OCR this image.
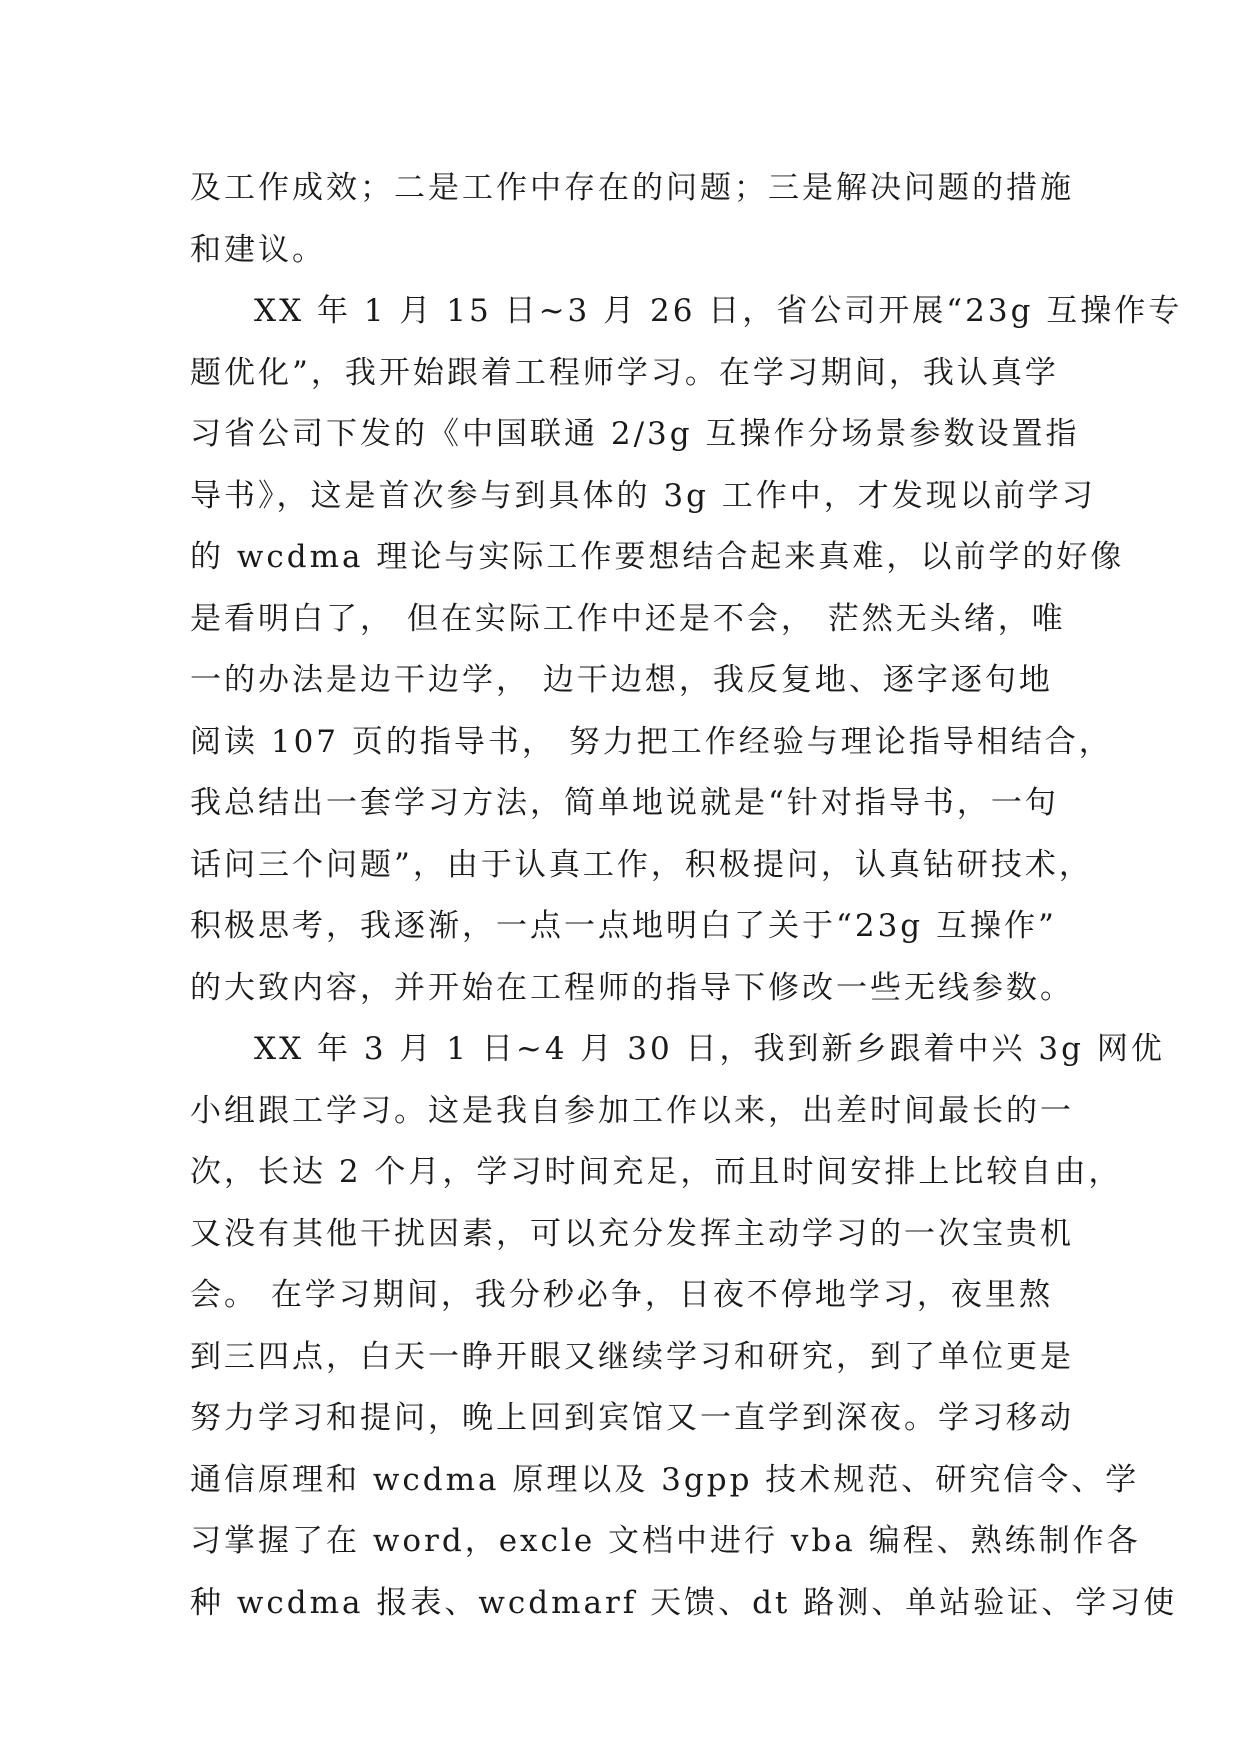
及工作成效；二是工作中存在的问题；三是解决问题的措施
和建议。
XX 年 1 月 15 日~3 月 26 日，省公司开展“23g 互操作专
题优化”，我开始跟着工程师学习。在学习期间，我认真学
习省公司下发的《中国联通 2/3g 互操作分场景参数设置指
导书》，这是首次参与到具体的 3g 工作中，才发现以前学习
的 wcdma 理论与实际工作要想结合起来真难，以前学的好像
是看明白了， 但在实际工作中还是不会， 茫然无头绪，唯
一的办法是边干边学， 边干边想，我反复地、逐字逐句地
阅读 107 页的指导书， 努力把工作经验与理论指导相结合，
我总结出一套学习方法，简单地说就是“针对指导书，一句
话问三个问题”，由于认真工作，积极提问，认真钻研技术，
积极思考，我逐渐，一点一点地明白了关于“23g 互操作”
的大致内容，并开始在工程师的指导下修改一些无线参数。
XX 年 3 月 1 日~4 月 30 日，我到新乡跟着中兴 3g 网优
小组跟工学习。这是我自参加工作以来，出差时间最长的一
次，长达 2 个月，学习时间充足，而且时间安排上比较自由，
又没有其他干扰因素，可以充分发挥主动学习的一次宝贵机
会。 在学习期间，我分秒必争，日夜不停地学习，夜里熬
到三四点，白天一睁开眼又继续学习和研究，到了单位更是
努力学习和提问，晚上回到宾馆又一直学到深夜。学习移动
通信原理和 wcdma 原理以及 3gpp 技术规范、研究信令、学
习掌握了在 word，excle 文档中进行 vba 编程、熟练制作各
种 wcdma 报表、wcdmarf 天馈、dt 路测、单站验证、学习使
